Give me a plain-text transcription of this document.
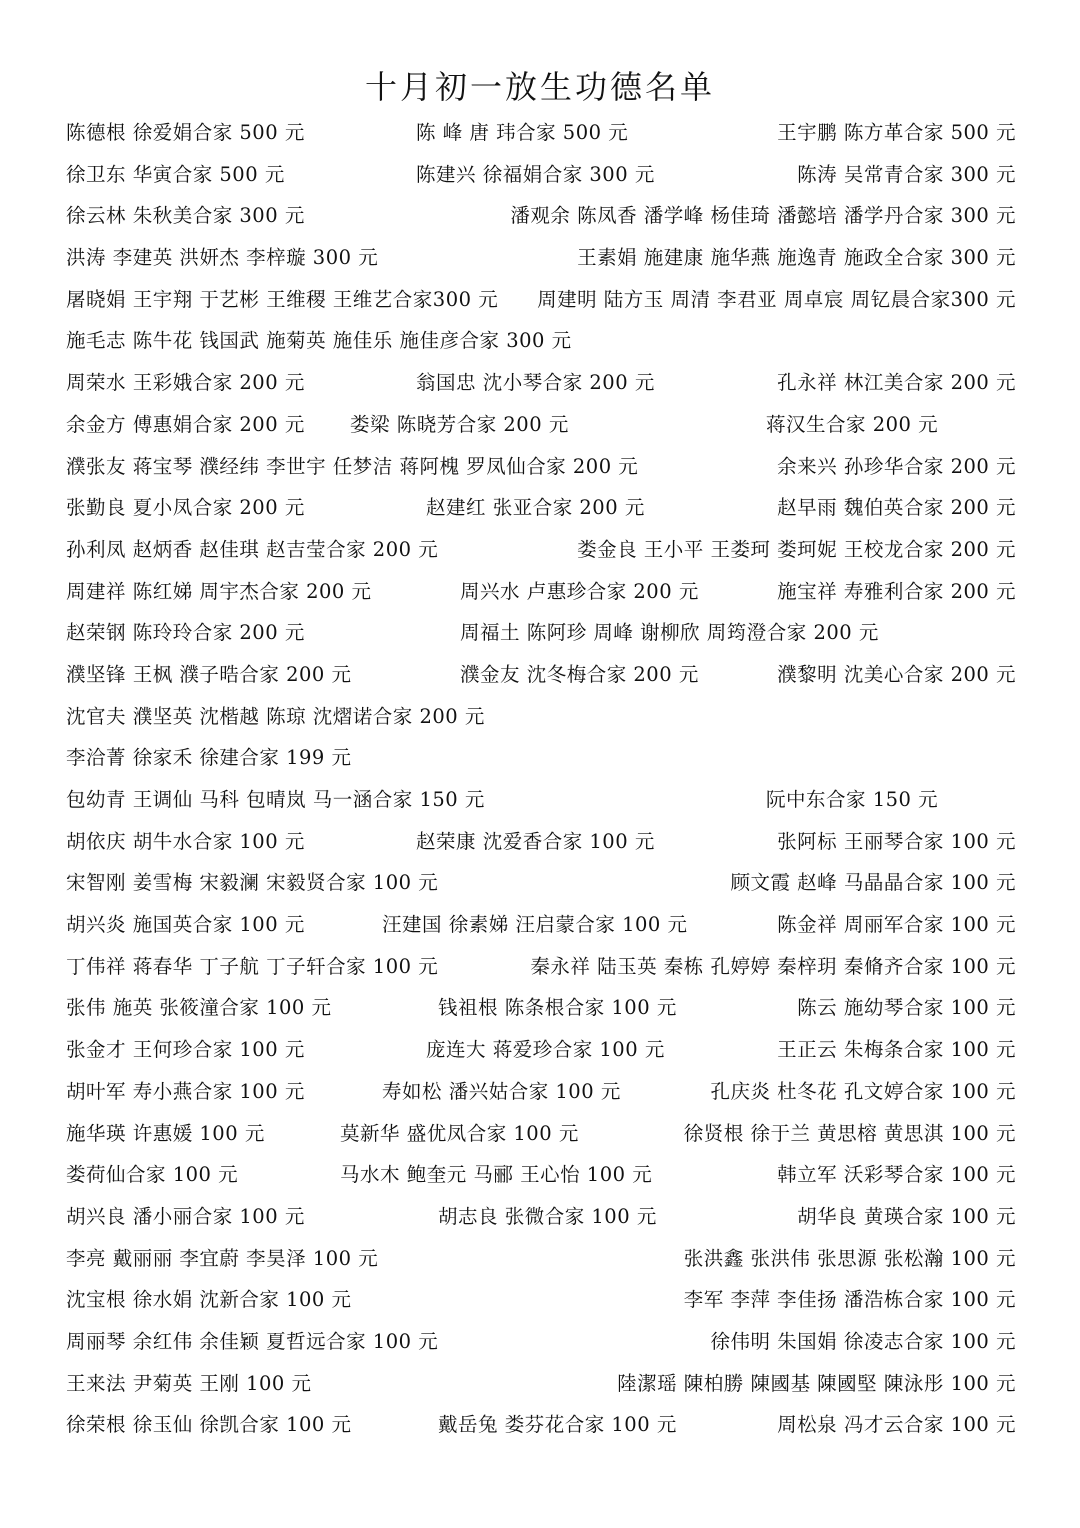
十月初一放生功德名单
陈德根 徐爱娟合家 500 元	陈 峰 唐 玮合家 500 元	王宇鹏 陈方革合家 500 元
徐卫东 华寅合家 500 元	陈建兴 徐福娟合家 300 元	陈涛 吴常青合家 300 元
徐云林 朱秋美合家 300 元	潘观余 陈凤香 潘学峰 杨佳琦 潘懿培 潘学丹合家 300 元
洪涛 李建英 洪妍杰 李梓璇 300 元	王素娟 施建康 施华燕 施逸青 施政全合家 300 元
屠晓娟 王宇翔 于艺彬 王维稷 王维艺合家300 元 周建明 陆方玉 周清 李君亚 周卓宸 周钇晨合家300 元
施毛志 陈牛花 钱国武 施菊英 施佳乐 施佳彦合家 300 元
周荣水 王彩娥合家 200 元	翁国忠 沈小琴合家 200 元	孔永祥 林江美合家 200 元
余金方 傅惠娟合家 200 元 娄梁 陈晓芳合家 200 元	蒋汉生合家 200 元
濮张友 蒋宝琴 濮经纬 李世宇 任梦洁 蒋阿槐 罗凤仙合家 200 元	余来兴 孙珍华合家 200 元
张勤良 夏小凤合家 200 元	赵建红 张亚合家 200 元	赵早雨 魏伯英合家 200 元
孙利凤 赵炳香 赵佳琪 赵吉莹合家 200 元	娄金良 王小平 王娄珂 娄珂妮 王校龙合家 200 元
周建祥 陈红娣 周宇杰合家 200 元	周兴水 卢惠珍合家 200 元	施宝祥 寿雅利合家 200 元
赵荣钢 陈玲玲合家 200 元	周福土 陈阿珍 周峰 谢柳欣 周筠澄合家 200 元
濮坚锋 王枫 濮子晧合家 200 元	濮金友 沈冬梅合家 200 元	濮黎明 沈美心合家 200 元
沈官夫 濮坚英 沈楷越 陈琼 沈熠诺合家 200 元
李洽菁 徐家禾 徐建合家 199 元
包幼青 王调仙 马科 包晴岚 马一涵合家 150 元	阮中东合家 150 元
胡依庆 胡牛水合家 100 元	赵荣康 沈爱香合家 100 元	张阿标 王丽琴合家 100 元
宋智刚 姜雪梅 宋毅澜 宋毅贤合家 100 元	顾文霞 赵峰 马晶晶合家 100 元
胡兴炎 施国英合家 100 元	汪建国 徐素娣 汪启蒙合家 100 元	陈金祥 周丽军合家 100 元
丁伟祥 蒋春华 丁子航 丁子轩合家 100 元	秦永祥 陆玉英 秦栋 孔婷婷 秦梓玥 秦脩齐合家 100 元
张伟 施英 张筱潼合家 100 元	钱祖根 陈条根合家 100 元	陈云 施幼琴合家 100 元
张金才 王何珍合家 100 元	庞连大 蒋爱珍合家 100 元	王正云 朱梅条合家 100 元
胡叶军 寿小燕合家 100 元	寿如松 潘兴姑合家 100 元	孔庆炎 杜冬花 孔文婷合家 100 元
施华瑛 许惠媛 100 元	莫新华 盛优凤合家 100 元	徐贤根 徐于兰 黄思榕 黄思淇 100 元
娄荷仙合家 100 元	马水木 鲍奎元 马郦 王心怡 100 元	韩立军 沃彩琴合家 100 元
胡兴良 潘小丽合家 100 元	胡志良 张微合家 100 元	胡华良 黄瑛合家 100 元
李亮 戴丽丽 李宜蔚 李昊泽 100 元	张洪鑫 张洪伟 张思源 张松瀚 100 元
沈宝根 徐水娟 沈新合家 100 元	李军 李萍 李佳扬 潘浩栋合家 100 元
周丽琴 余红伟 余佳颖 夏哲远合家 100 元	徐伟明 朱国娟 徐凌志合家 100 元
王来法 尹菊英 王刚 100 元	陸潔瑶 陳柏勝 陳國基 陳國堅 陳泳彤 100 元
徐荣根 徐玉仙 徐凯合家 100 元	戴岳兔 娄芬花合家 100 元	周松泉 冯才云合家 100 元
